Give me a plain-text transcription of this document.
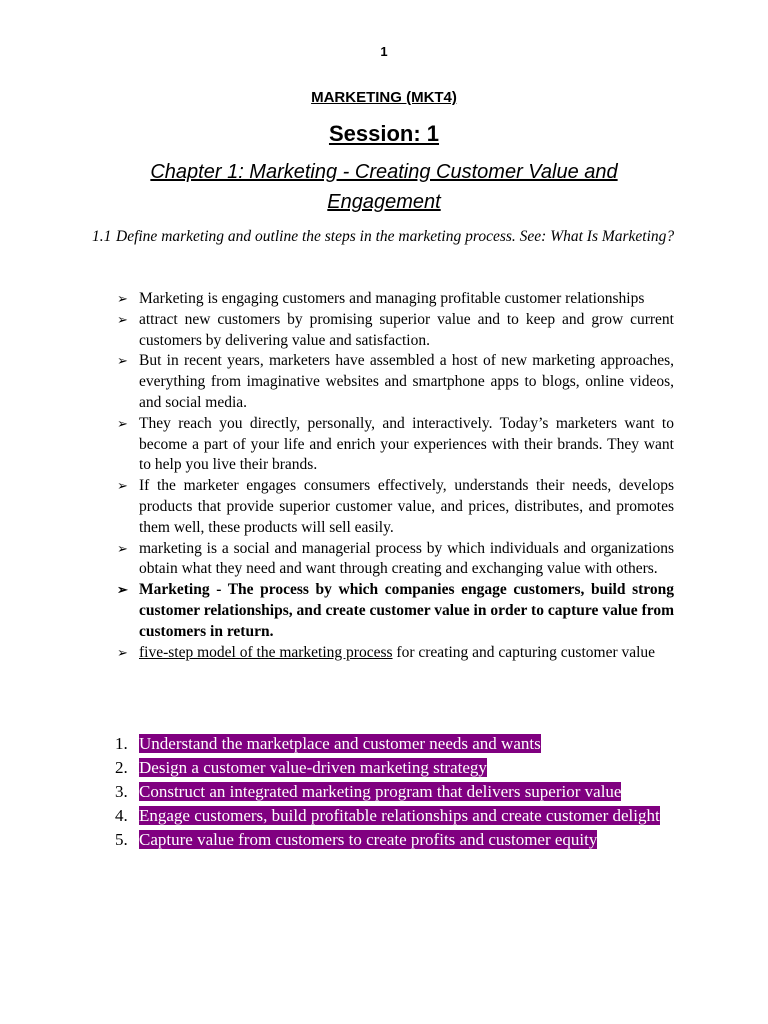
1
MARKETING (MKT4)
Session: 1
Chapter 1: Marketing - Creating Customer Value and Engagement
1.1 Define marketing and outline the steps in the marketing process. See: What Is Marketing?
➢ Marketing is engaging customers and managing profitable customer relationships
➢ attract new customers by promising superior value and to keep and grow current customers by delivering value and satisfaction.
➢ But in recent years, marketers have assembled a host of new marketing approaches, everything from imaginative websites and smartphone apps to blogs, online videos, and social media.
➢ They reach you directly, personally, and interactively. Today’s marketers want to become a part of your life and enrich your experiences with their brands. They want to help you live their brands.
➢ If the marketer engages consumers effectively, understands their needs, develops products that provide superior customer value, and prices, distributes, and promotes them well, these products will sell easily.
➢ marketing is a social and managerial process by which individuals and organizations obtain what they need and want through creating and exchanging value with others.
➢ Marketing - The process by which companies engage customers, build strong customer relationships, and create customer value in order to capture value from customers in return.
➢ five-step model of the marketing process for creating and capturing customer value
1. Understand the marketplace and customer needs and wants
2. Design a customer value-driven marketing strategy
3. Construct an integrated marketing program that delivers superior value
4. Engage customers, build profitable relationships and create customer delight
5. Capture value from customers to create profits and customer equity
